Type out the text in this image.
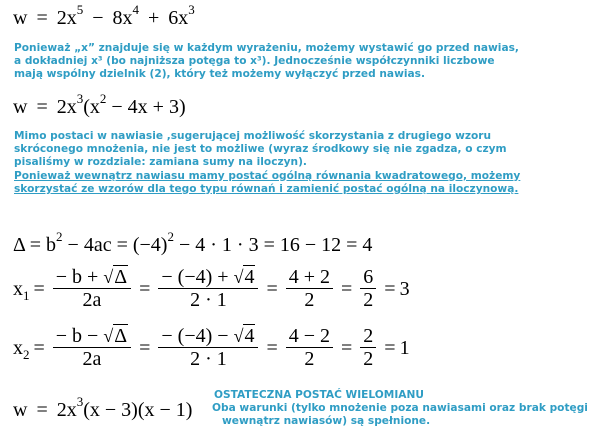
$w = 2x^5 - 8x^4 + 6x^3$
Ponieważ „x” znajduje się w każdym wyrażeniu, możemy wystawić go przed nawias,
a dokładniej x³ (bo najniższa potęga to x³). Jednocześnie współczynniki liczbowe
mają wspólny dzielnik (2), który też możemy wyłączyć przed nawias.
$w = 2x^3(x^2 - 4x + 3)$
Mimo postaci w nawiasie ,sugerującej możliwość skorzystania z drugiego wzoru
skróconego mnożenia, nie jest to możliwe (wyraz środkowy się nie zgadza, o czym
pisaliśmy w rozdziale: zamiana sumy na iloczyn).
Ponieważ wewnątrz nawiasu mamy postać ogólną równania kwadratowego, możemy
skorzystać ze wzorów dla tego typu równań i zamienić postać ogólną na iloczynową.
$\Delta = b^2 - 4ac = (-4)^2 - 4 \cdot 1 \cdot 3 = 16 - 12 = 4$
$x_1 = \frac{- b + √\Delta}{2a} = \frac{- (-4) + √4}{2 \cdot 1} = \frac{4 + 2}{2} = \frac{6}{2} = 3$
$x_2 = \frac{- b - √\Delta}{2a} = \frac{- (-4) - √4}{2 \cdot 1} = \frac{4 - 2}{2} = \frac{2}{2} = 1$
$w = 2x^3(x - 3)(x - 1)$
OSTATECZNA POSTAĆ WIELOMIANU
Oba warunki (tylko mnożenie poza nawiasami oraz brak potęgi
wewnątrz nawiasów) są spełnione.
